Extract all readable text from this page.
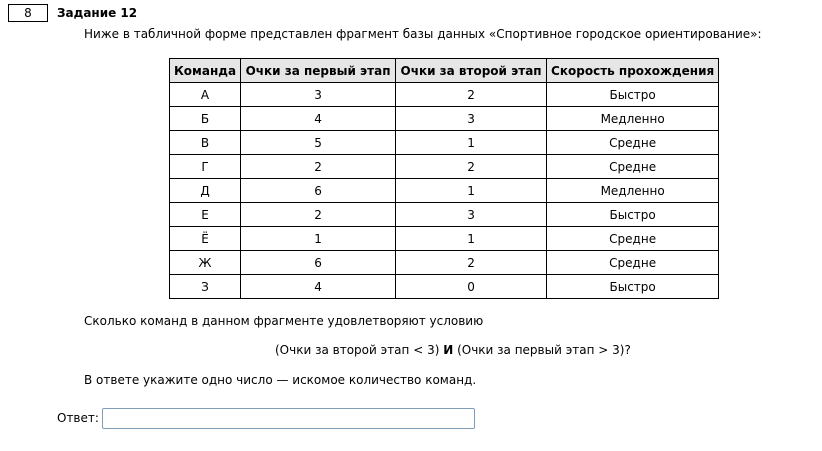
8	Задание 12
Ниже в табличной форме представлен фрагмент базы данных «Спортивное городское ориентирование»:
Команда	Очки за первый этап	Очки за второй этап	Скорость прохождения
А	3	2	Быстро
Б	4	3	Медленно
В	5	1	Средне
Г	2	2	Средне
Д	6	1	Медленно
Е	2	3	Быстро
Ё	1	1	Средне
Ж	6	2	Средне
З	4	0	Быстро
Сколько команд в данном фрагменте удовлетворяют условию
(Очки за второй этап < 3) И (Очки за первый этап > 3)?
В ответе укажите одно число — искомое количество команд.
Ответ:
